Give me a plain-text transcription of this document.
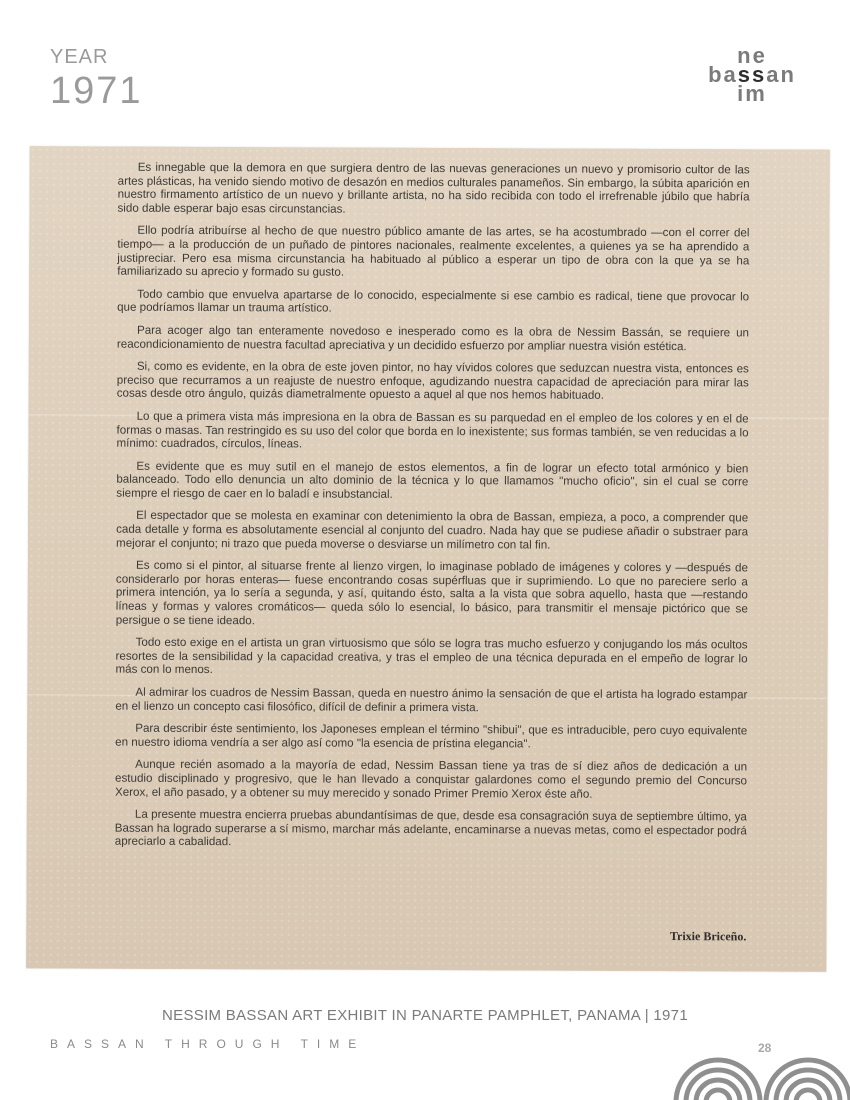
YEAR
1971
ne
bassan
im

Es innegable que la demora en que surgiera dentro de las nuevas generaciones un nuevo y promisorio cultor de las artes plásticas, ha venido siendo motivo de desazón en medios culturales panameños. Sin embargo, la súbita aparición en nuestro firmamento artístico de un nuevo y brillante artista, no ha sido recibida con todo el irrefrenable júbilo que habría sido dable esperar bajo esas circunstancias.

Ello podría atribuírse al hecho de que nuestro público amante de las artes, se ha acostumbrado —con el correr del tiempo— a la producción de un puñado de pintores nacionales, realmente excelentes, a quienes ya se ha aprendido a justipreciar. Pero esa misma circunstancia ha habituado al público a esperar un tipo de obra con la que ya se ha familiarizado su aprecio y formado su gusto.

Todo cambio que envuelva apartarse de lo conocido, especialmente si ese cambio es radical, tiene que provocar lo que podríamos llamar un trauma artístico.

Para acoger algo tan enteramente novedoso e inesperado como es la obra de Nessim Bassán, se requiere un reacondicionamiento de nuestra facultad apreciativa y un decidido esfuerzo por ampliar nuestra visión estética.

Si, como es evidente, en la obra de este joven pintor, no hay vívidos colores que seduzcan nuestra vista, entonces es preciso que recurramos a un reajuste de nuestro enfoque, agudizando nuestra capacidad de apreciación para mirar las cosas desde otro ángulo, quizás diametralmente opuesto a aquel al que nos hemos habituado.

Lo que a primera vista más impresiona en la obra de Bassan es su parquedad en el empleo de los colores y en el de formas o masas. Tan restringido es su uso del color que borda en lo inexistente; sus formas también, se ven reducidas a lo mínimo: cuadrados, círculos, líneas.

Es evidente que es muy sutil en el manejo de estos elementos, a fin de lograr un efecto total armónico y bien balanceado. Todo ello denuncia un alto dominio de la técnica y lo que llamamos "mucho oficio", sin el cual se corre siempre el riesgo de caer en lo baladí e insubstancial.

El espectador que se molesta en examinar con detenimiento la obra de Bassan, empieza, a poco, a comprender que cada detalle y forma es absolutamente esencial al conjunto del cuadro. Nada hay que se pudiese añadir o substraer para mejorar el conjunto; ni trazo que pueda moverse o desviarse un milímetro con tal fin.

Es como si el pintor, al situarse frente al lienzo virgen, lo imaginase poblado de imágenes y colores y —después de considerarlo por horas enteras— fuese encontrando cosas supérfluas que ir suprimiendo. Lo que no pareciere serlo a primera intención, ya lo sería a segunda, y así, quitando ésto, salta a la vista que sobra aquello, hasta que —restando líneas y formas y valores cromáticos— queda sólo lo esencial, lo básico, para transmitir el mensaje pictórico que se persigue o se tiene ideado.

Todo esto exige en el artista un gran virtuosismo que sólo se logra tras mucho esfuerzo y conjugando los más ocultos resortes de la sensibilidad y la capacidad creativa, y tras el empleo de una técnica depurada en el empeño de lograr lo más con lo menos.

Al admirar los cuadros de Nessim Bassan, queda en nuestro ánimo la sensación de que el artista ha logrado estampar en el lienzo un concepto casi filosófico, difícil de definir a primera vista.

Para describir éste sentimiento, los Japoneses emplean el término "shibui", que es intraducible, pero cuyo equivalente en nuestro idioma vendría a ser algo así como "la esencia de prístina elegancia".

Aunque recién asomado a la mayoría de edad, Nessim Bassan tiene ya tras de sí diez años de dedicación a un estudio disciplinado y progresivo, que le han llevado a conquistar galardones como el segundo premio del Concurso Xerox, el año pasado, y a obtener su muy merecido y sonado Primer Premio Xerox éste año.

La presente muestra encierra pruebas abundantísimas de que, desde esa consagración suya de septiembre último, ya Bassan ha logrado superarse a sí mismo, marchar más adelante, encaminarse a nuevas metas, como el espectador podrá apreciarlo a cabalidad.

Trixie Briceño.
NESSIM BASSAN ART EXHIBIT IN PANARTE PAMPHLET, PANAMA | 1971
BASSAN THROUGH TIME	28
